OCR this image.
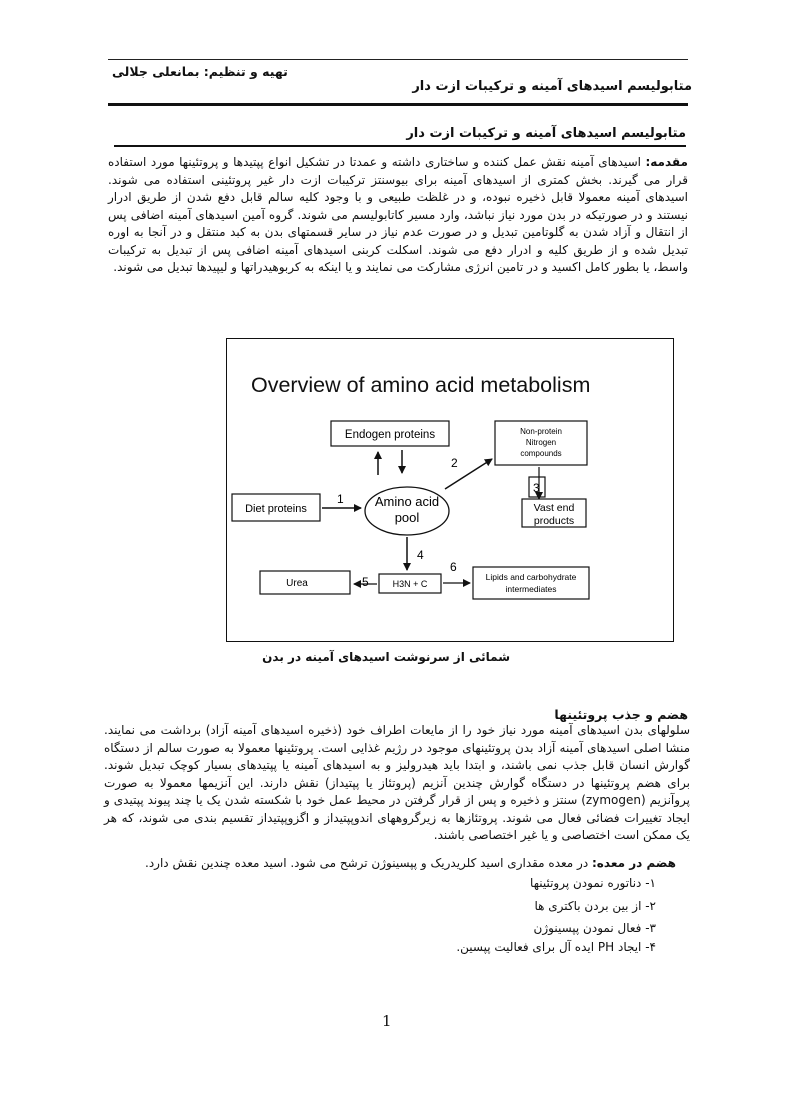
متابولیسم اسیدهای آمینه و ترکیبات ازت دار
تهیه و تنظیم: بمانعلی جلالی
متابولیسم اسیدهای آمینه و ترکیبات ازت دار
مقدمه: اسیدهای آمینه نقش عمل کننده و ساختاری داشته و عمدتا در تشکیل انواع پپتیدها و پروتئینها مورد استفاده قرار می گیرند. بخش کمتری از اسیدهای آمینه برای بیوسنتز ترکیبات ازت دار غیر پروتئینی استفاده می شوند. اسیدهای آمینه معمولا قابل ذخیره نبوده، و در غلظت طبیعی و با وجود کلیه سالم قابل دفع شدن از طریق ادرار نیستند و در صورتیکه در بدن مورد نیاز نباشد، وارد مسیر کاتابولیسم می شوند. گروه آمین اسیدهای آمینه اضافی پس از انتقال و آزاد شدن به گلوتامین تبدیل و در صورت عدم نیاز در سایر قسمتهای بدن به کبد منتقل و در آنجا به اوره تبدیل شده و از طریق کلیه و ادرار دفع می شوند. اسکلت کربنی اسیدهای آمینه اضافی پس از تبدیل به ترکیبات واسط، یا بطور کامل اکسید و در تامین انرژی مشارکت می نمایند و یا اینکه به کربوهیدراتها و لیپیدها تبدیل می شوند.
Overview of amino acid metabolism
Amino acid
pool
Endogen proteins
Diet proteins
1
Non-protein
Nitrogen
compounds
2
3
Vast end
products
4
H3N + C
Urea	5	Lipids and carbohydrate
intermediates
6
شمائی از سرنوشت اسیدهای آمینه در بدن
هضم و جذب پروتئینها
سلولهای بدن اسیدهای آمینه مورد نیاز خود را از مایعات اطراف خود (ذخیره اسیدهای آمینه آزاد) برداشت می نمایند. منشا اصلی اسیدهای آمینه آزاد بدن پروتئینهای موجود در رژیم غذایی است. پروتئینها معمولا به صورت سالم از دستگاه گوارش انسان قابل جذب نمی باشند، و ابتدا باید هیدرولیز و به اسیدهای آمینه یا پپتیدهای بسیار کوچک تبدیل شوند. برای هضم پروتئینها در دستگاه گوارش چندین آنزیم (پروتئاز یا پپتیداز) نقش دارند. این آنزیمها معمولا به صورت پروآنزیم (zymogen) سنتز و ذخیره و پس از قرار گرفتن در محیط عمل خود با شکسته شدن یک یا چند پیوند پپتیدی و ایجاد تغییرات فضائی فعال می شوند. پروتئازها به زیرگروههای اندوپپتیداز و اگزوپپتیداز تقسیم بندی می شوند، که هر یک ممکن است اختصاصی و یا غیر اختصاصی باشند.
هضم در معده: در معده مقداری اسید کلریدریک و پپسینوژن ترشح می شود. اسید معده چندین نقش دارد.
۱- دناتوره نمودن پروتئینها
۲- از بین بردن باکتری ها
۳- فعال نمودن پپسینوژن
۴- ایجاد PH ایده آل برای فعالیت پپسین.
1
